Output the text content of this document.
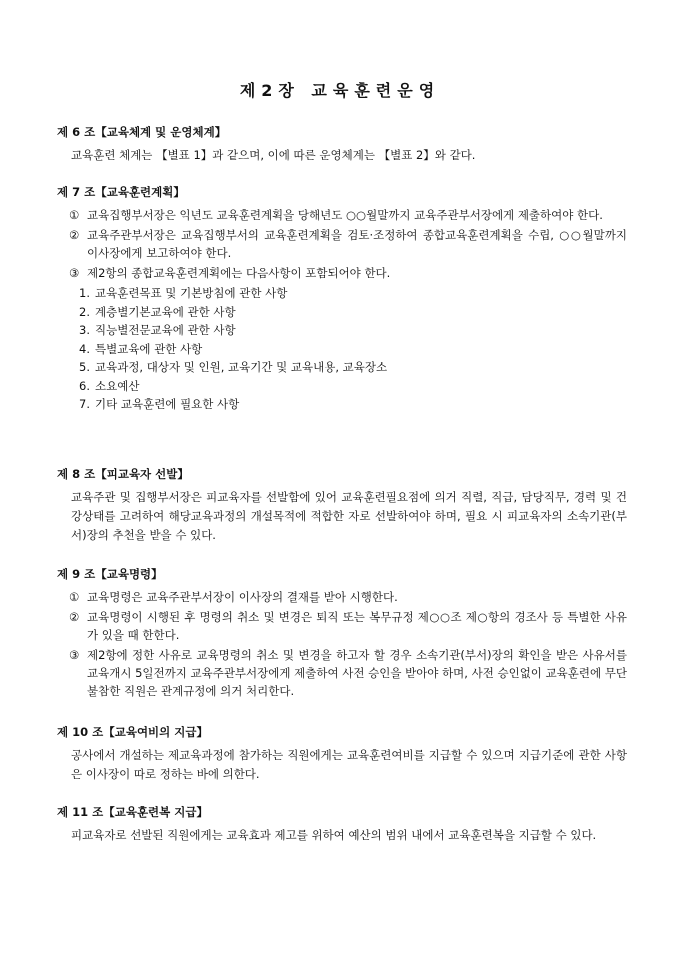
제2장 교육훈련운영
제 6 조【교육체계 및 운영체계】
교육훈련 체계는 【별표 1】과 같으며, 이에 따른 운영체계는 【별표 2】와 같다.
제 7 조【교육훈련계획】
① 교육집행부서장은 익년도 교육훈련계획을 당해년도 ○○월말까지 교육주관부서장에게 제출하여야 한다.
② 교육주관부서장은 교육집행부서의 교육훈련계획을 검토·조정하여 종합교육훈련계획을 수립, ○○월말까지 이사장에게 보고하여야 한다.
③ 제2항의 종합교육훈련계획에는 다음사항이 포함되어야 한다.
1. 교육훈련목표 및 기본방침에 관한 사항
2. 계층별기본교육에 관한 사항
3. 직능별전문교육에 관한 사항
4. 특별교육에 관한 사항
5. 교육과정, 대상자 및 인원, 교육기간 및 교육내용, 교육장소
6. 소요예산
7. 기타 교육훈련에 필요한 사항
제 8 조【피교육자 선발】
교육주관 및 집행부서장은 피교육자를 선발함에 있어 교육훈련필요점에 의거 직렬, 직급, 담당직무, 경력 및 건강상태를 고려하여 해당교육과정의 개설목적에 적합한 자로 선발하여야 하며, 필요 시 피교육자의 소속기관(부서)장의 추천을 받을 수 있다.
제 9 조【교육명령】
① 교육명령은 교육주관부서장이 이사장의 결재를 받아 시행한다.
② 교육명령이 시행된 후 명령의 취소 및 변경은 퇴직 또는 복무규정 제○○조 제○항의 경조사 등 특별한 사유가 있을 때 한한다.
③ 제2항에 정한 사유로 교육명령의 취소 및 변경을 하고자 할 경우 소속기관(부서)장의 확인을 받은 사유서를 교육개시 5일전까지 교육주관부서장에게 제출하여 사전 승인을 받아야 하며, 사전 승인없이 교육훈련에 무단 불참한 직원은 관계규정에 의거 처리한다.
제 10 조【교육여비의 지급】
공사에서 개설하는 제교육과정에 참가하는 직원에게는 교육훈련여비를 지급할 수 있으며 지급기준에 관한 사항은 이사장이 따로 정하는 바에 의한다.
제 11 조【교육훈련복 지급】
피교육자로 선발된 직원에게는 교육효과 제고를 위하여 예산의 범위 내에서 교육훈련복을 지급할 수 있다.
